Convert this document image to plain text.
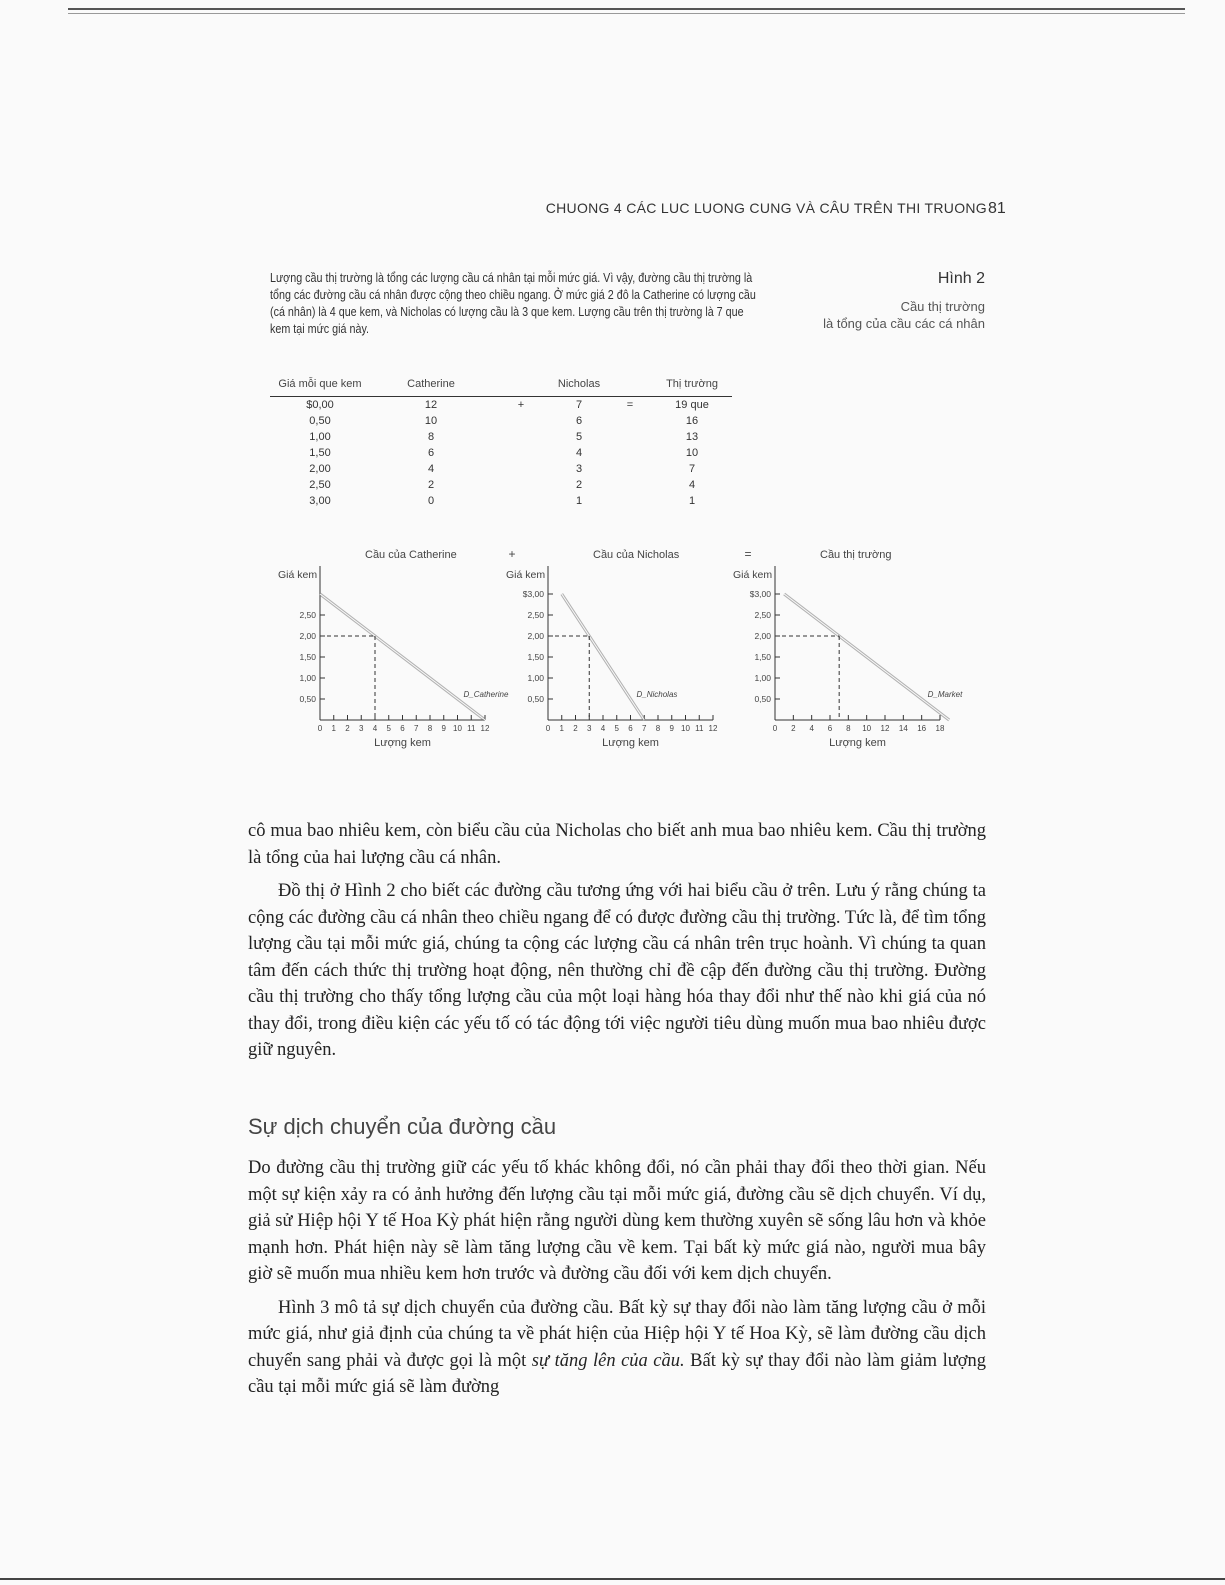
CHUONG 4 CÁC LUC LUONG CUNG VÀ CÂU TRÊN THI TRUONG 81
Lượng cầu thị trường là tổng các lượng cầu cá nhân tại mỗi mức giá. Vì vậy, đường cầu thị trường là tổng các đường cầu cá nhân được cộng theo chiều ngang. Ở mức giá 2 đô la Catherine có lượng cầu (cá nhân) là 4 que kem, và Nicholas có lượng cầu là 3 que kem. Lượng cầu trên thị trường là 7 que kem tại mức giá này.
Hình 2
Cầu thị trường
là tổng của cầu các cá nhân
Giá mỗi que kem	Catherine		Nicholas		Thị trường
$0,00	12	+	7	=	19 que
0,50	10		6		16
1,00	8		5		13
1,50	6		4		10
2,00	4		3		7
2,50	2		2		4
3,00	0		1		1
Cầu của Catherine
Giá kem
0,50
1,00
1,50
2,00
2,50
0 1 2 3 4 5 6 7 8 9 10 11 12
Lượng kem
D_Catherine
Cầu của Nicholas
Giá kem
0,50
1,00
1,50
2,00
2,50
$3,00
0 1 2 3 4 5 6 7 8 9 10 11 12
Lượng kem
D_Nicholas
Cầu thị trường
Giá kem
0,50
1,00
1,50
2,00
2,50
$3,00
0 2 4 6 8 10 12 14 16 18
Lượng kem
D_Market
+	=

cô mua bao nhiêu kem, còn biểu cầu của Nicholas cho biết anh mua bao nhiêu kem. Cầu thị trường là tổng của hai lượng cầu cá nhân.

Đồ thị ở Hình 2 cho biết các đường cầu tương ứng với hai biểu cầu ở trên. Lưu ý rằng chúng ta cộng các đường cầu cá nhân theo chiều ngang để có được đường cầu thị trường. Tức là, để tìm tổng lượng cầu tại mỗi mức giá, chúng ta cộng các lượng cầu cá nhân trên trục hoành. Vì chúng ta quan tâm đến cách thức thị trường hoạt động, nên thường chỉ đề cập đến đường cầu thị trường. Đường cầu thị trường cho thấy tổng lượng cầu của một loại hàng hóa thay đổi như thế nào khi giá của nó thay đổi, trong điều kiện các yếu tố có tác động tới việc người tiêu dùng muốn mua bao nhiêu được giữ nguyên.

Sự dịch chuyển của đường cầu

Do đường cầu thị trường giữ các yếu tố khác không đổi, nó cần phải thay đổi theo thời gian. Nếu một sự kiện xảy ra có ảnh hưởng đến lượng cầu tại mỗi mức giá, đường cầu sẽ dịch chuyển. Ví dụ, giả sử Hiệp hội Y tế Hoa Kỳ phát hiện rằng người dùng kem thường xuyên sẽ sống lâu hơn và khỏe mạnh hơn. Phát hiện này sẽ làm tăng lượng cầu về kem. Tại bất kỳ mức giá nào, người mua bây giờ sẽ muốn mua nhiều kem hơn trước và đường cầu đối với kem dịch chuyển.

Hình 3 mô tả sự dịch chuyển của đường cầu. Bất kỳ sự thay đổi nào làm tăng lượng cầu ở mỗi mức giá, như giả định của chúng ta về phát hiện của Hiệp hội Y tế Hoa Kỳ, sẽ làm đường cầu dịch chuyển sang phải và được gọi là một sự tăng lên của cầu. Bất kỳ sự thay đổi nào làm giảm lượng cầu tại mỗi mức giá sẽ làm đường
